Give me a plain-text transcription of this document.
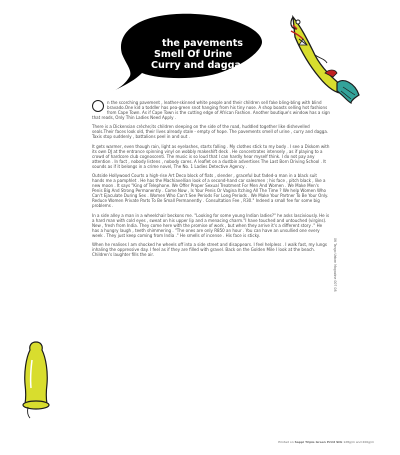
the pavements
Smell Of Urine
Curry and dagga

n the scorching pavement , leather-skinned white people and their children sell fake bling-bling with blind bravado.One kid a toddler has pea-green snot hanging from his tiny nose. A shop boasts selling hot fashions from Cape Town. As if Cape Town is the cutting edge of African Fashion. Another boutique's window has a sign that reads, Only Thin Ladies Need Apply .

There is a Dickensian crèche;its children sleeping on the side of the road, huddled together like dishevelled seals.Their faces look old, their lives already stale - empty of hope. The pavements smell of urine , curry and dagga. Taxis stop suddenly , battalions peel in and out .

It gets warmer, even though rain, light as eyelashes, starts falling . My clothes stick to my body . I see a Diskom with its own DJ at the entrance spinning vinyl on wobbly makeshift deck . He concentrates intensely , as if playing to a crowd of hardcore club cognoscenti. The music is so loud that I can hardly hear myself think. I do not pay any attention . In fact , nobody listens , nobody cares. A leaflet on a dustbin advertises The Last Born Driving School . It sounds as if it belongs in a crime novel, The No. 1 Ladies Detective Agency .

Outside Hollywood Courts a high-rise Art Deco block of flats , slender , graceful but faded-a man in a black suit hands me a pamphlet . He has the Machiavellian look of a second-hand car salesmen ; his face , pitch black , like a new moon . It says "King of Telephone. We Offer Proper Sexual Treatment For Men And Women . We Make Men's Penis Big And Strong Permanently . Come Now , Is Your Penis Or Vagina Itching All The Time ? We help Women Who Can't Ejaculate During Sex . Women Who Can't See Periods For Long Periods . We Make Your Partner To Be Your Only. Reduce Women Private Parts To Be Small Permanently . Consultation Fee , R30." Indeed a small fee for some big problems .

In a side alley a man in a wheelchair beckons me. "Looking for some young Indian ladies?" he asks lasciviously. He is a hard man with cold eyes , sweat on his upper lip and a menacing charm."I have touched and untouched (virgins). New , fresh from India. They come here with the promise of work , but when they arrive it's a different story ." He has a hungry laugh , teeth shimmering . "The ones are only R850 an hour . You can have an unsullied one every week . They just keep coming from India ." He smells of incense . His face is sticky.

When he realises I am shocked he wheels off into a side street and disappears. I feel helpless . I walk fast, my lungs inhaling the oppressive day. I feel as if they are filled with gravel. Back on the Golden Mile I look at the beach. Children's laughter fills the air.	06 Tango Urban Magazine 007 08
Printed on Sappi Triple Green Print Silk 128g/m and 200g/m
